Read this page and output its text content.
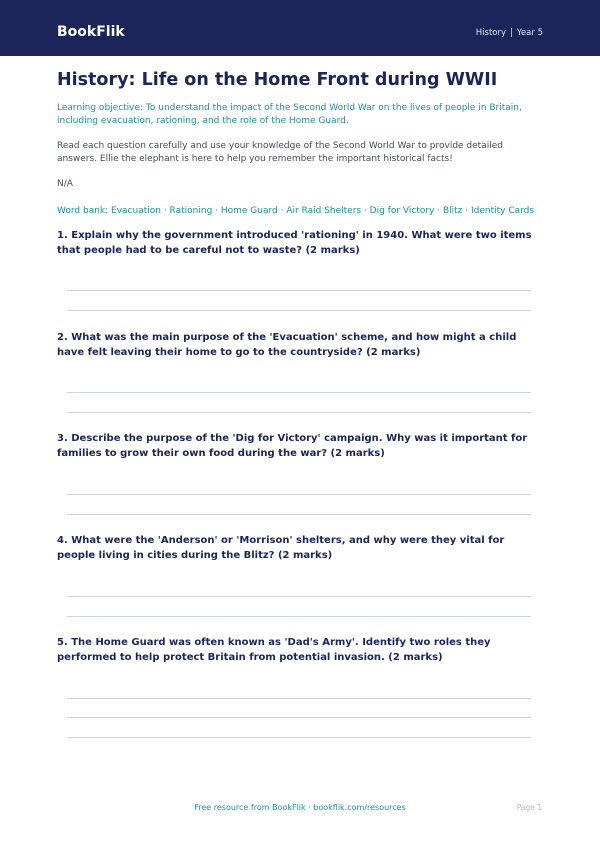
BookFlik	History | Year 5
History: Life on the Home Front during WWII

Learning objective: To understand the impact of the Second World War on the lives of people in Britain, including evacuation, rationing, and the role of the Home Guard.

Read each question carefully and use your knowledge of the Second World War to provide detailed answers. Ellie the elephant is here to help you remember the important historical facts!

N/A

Word bank: Evacuation · Rationing · Home Guard · Air Raid Shelters · Dig for Victory · Blitz · Identity Cards

1. Explain why the government introduced 'rationing' in 1940. What were two items that people had to be careful not to waste? (2 marks)

2. What was the main purpose of the 'Evacuation' scheme, and how might a child have felt leaving their home to go to the countryside? (2 marks)

3. Describe the purpose of the 'Dig for Victory' campaign. Why was it important for families to grow their own food during the war? (2 marks)

4. What were the 'Anderson' or 'Morrison' shelters, and why were they vital for people living in cities during the Blitz? (2 marks)

5. The Home Guard was often known as 'Dad's Army'. Identify two roles they performed to help protect Britain from potential invasion. (2 marks)

Free resource from BookFlik · bookflik.com/resources	Page 1
